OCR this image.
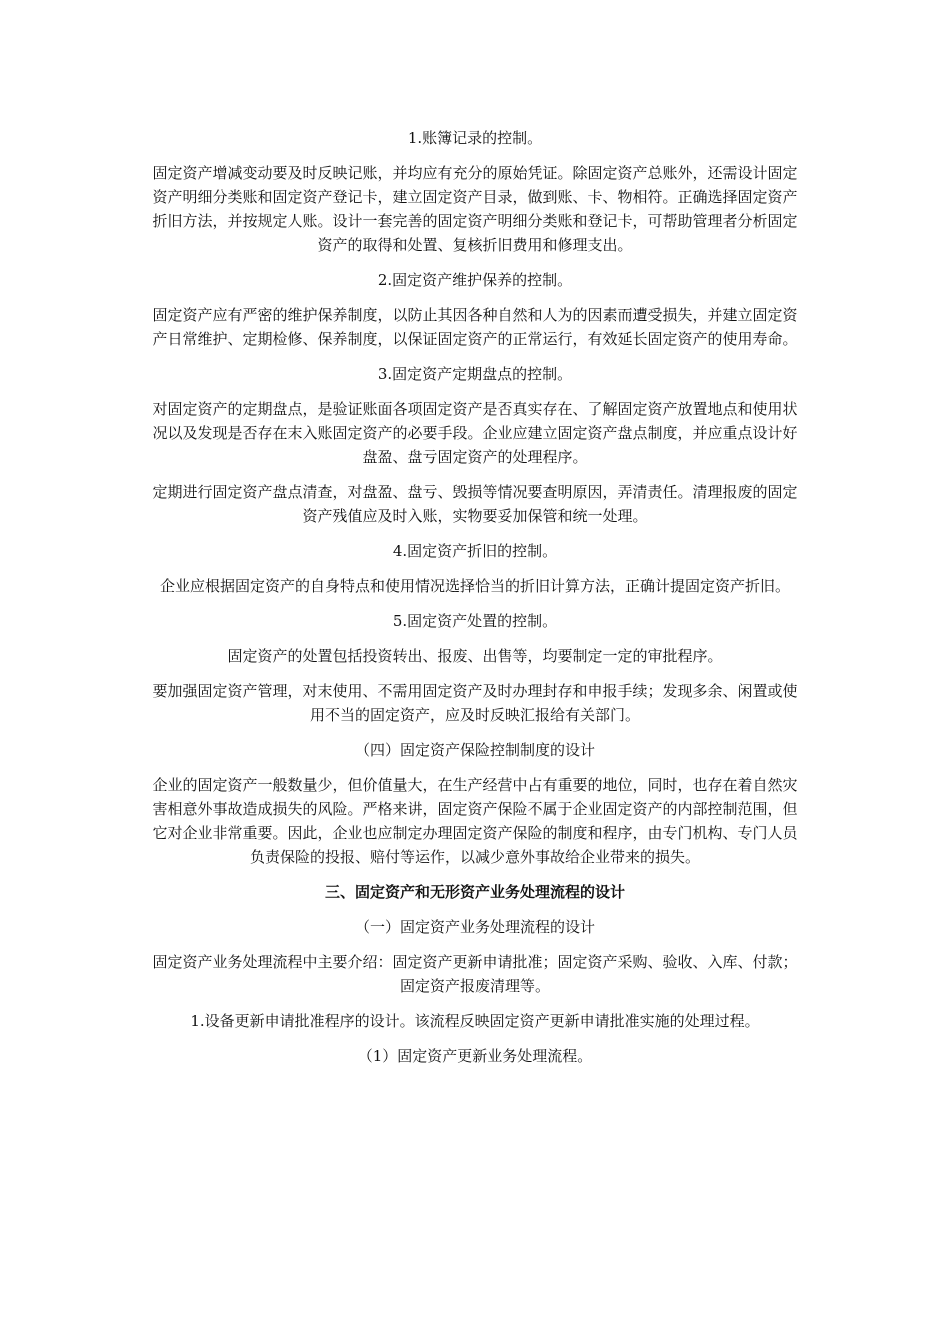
1.账簿记录的控制。

固定资产增减变动要及时反映记账，并均应有充分的原始凭证。除固定资产总账外，还需设计固定资产明细分类账和固定资产登记卡，建立固定资产目录，做到账、卡、物相符。正确选择固定资产折旧方法，并按规定人账。设计一套完善的固定资产明细分类账和登记卡，可帮助管理者分析固定资产的取得和处置、复核折旧费用和修理支出。

2.固定资产维护保养的控制。

固定资产应有严密的维护保养制度，以防止其因各种自然和人为的因素而遭受损失，并建立固定资产日常维护、定期检修、保养制度，以保证固定资产的正常运行，有效延长固定资产的使用寿命。

3.固定资产定期盘点的控制。

对固定资产的定期盘点，是验证账面各项固定资产是否真实存在、了解固定资产放置地点和使用状况以及发现是否存在末入账固定资产的必要手段。企业应建立固定资产盘点制度，并应重点设计好盘盈、盘亏固定资产的处理程序。

定期进行固定资产盘点清查，对盘盈、盘亏、毁损等情况要查明原因，弄清责任。清理报废的固定资产残值应及时入账，实物要妥加保管和统一处理。

4.固定资产折旧的控制。

企业应根据固定资产的自身特点和使用情况选择恰当的折旧计算方法，正确计提固定资产折旧。

5.固定资产处置的控制。

固定资产的处置包括投资转出、报废、出售等，均要制定一定的审批程序。

要加强固定资产管理，对末使用、不需用固定资产及时办理封存和申报手续；发现多余、闲置或使用不当的固定资产，应及时反映汇报给有关部门。

（四）固定资产保险控制制度的设计

企业的固定资产一般数量少，但价值量大，在生产经营中占有重要的地位，同时，也存在着自然灾害相意外事故造成损失的风险。严格来讲，固定资产保险不属于企业固定资产的内部控制范围，但它对企业非常重要。因此，企业也应制定办理固定资产保险的制度和程序，由专门机构、专门人员负责保险的投报、赔付等运作，以减少意外事故给企业带来的损失。

三、固定资产和无形资产业务处理流程的设计

（一）固定资产业务处理流程的设计

固定资产业务处理流程中主要介绍：固定资产更新申请批准；固定资产采购、验收、入库、付款；固定资产报废清理等。

1.设备更新申请批准程序的设计。该流程反映固定资产更新申请批准实施的处理过程。

（1）固定资产更新业务处理流程。
